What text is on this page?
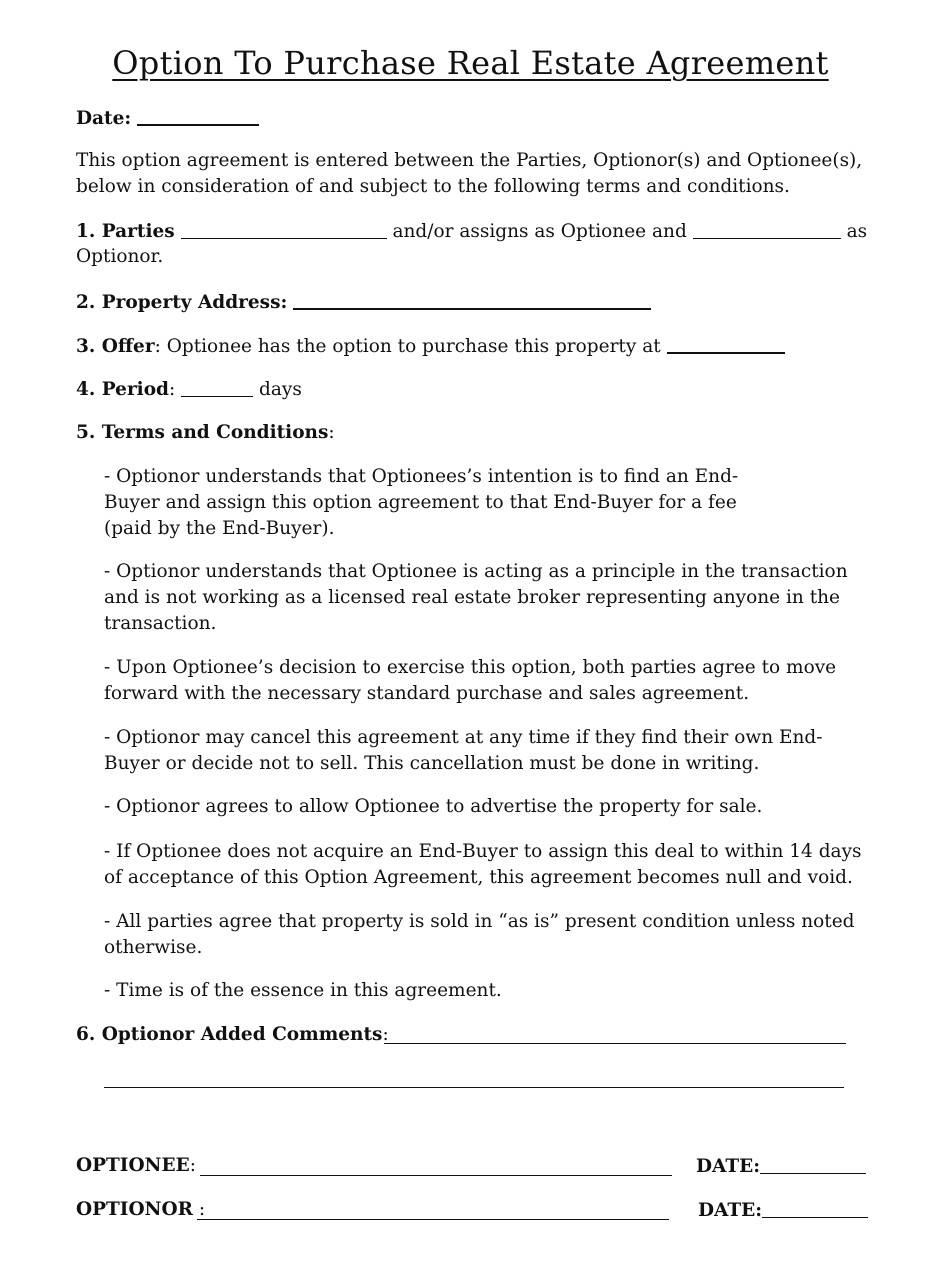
Option To Purchase Real Estate Agreement
Date:
This option agreement is entered between the Parties, Optionor(s) and Optionee(s), below in consideration of and subject to the following terms and conditions.
1. Parties	and/or assigns as Optionee and	as
Optionor.
2. Property Address:
3. Offer: Optionee has the option to purchase this property at
4. Period:	days
5. Terms and Conditions:
- Optionor understands that Optionees’s intention is to find an End-Buyer and assign this option agreement to that End-Buyer for a fee (paid by the End-Buyer).
- Optionor understands that Optionee is acting as a principle in the transaction and is not working as a licensed real estate broker representing anyone in the transaction.
- Upon Optionee’s decision to exercise this option, both parties agree to move forward with the necessary standard purchase and sales agreement.
- Optionor may cancel this agreement at any time if they find their own End-Buyer or decide not to sell. This cancellation must be done in writing.
- Optionor agrees to allow Optionee to advertise the property for sale.
- If Optionee does not acquire an End-Buyer to assign this deal to within 14 days of acceptance of this Option Agreement, this agreement becomes null and void.
- All parties agree that property is sold in “as is” present condition unless noted otherwise.
- Time is of the essence in this agreement.
6. Optionor Added Comments:
OPTIONEE:	DATE:
OPTIONOR :	DATE:
